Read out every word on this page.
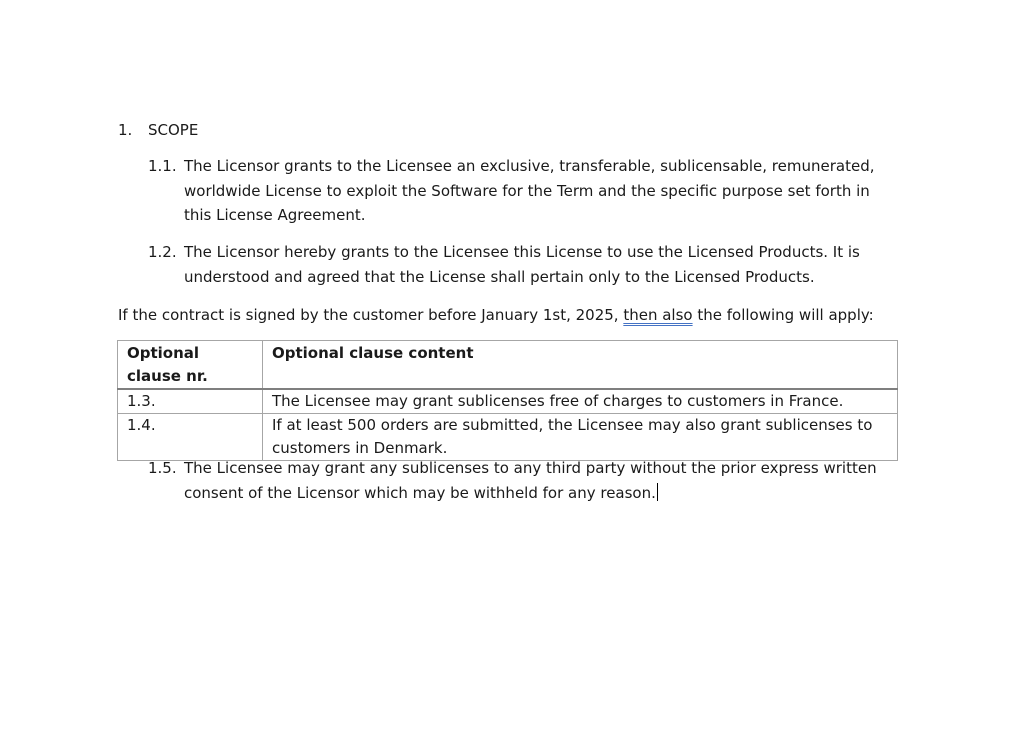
1. SCOPE
1.1. The Licensor grants to the Licensee an exclusive, transferable, sublicensable, remunerated, worldwide License to exploit the Software for the Term and the specific purpose set forth in this License Agreement.
1.2. The Licensor hereby grants to the Licensee this License to use the Licensed Products. It is understood and agreed that the License shall pertain only to the Licensed Products.
If the contract is signed by the customer before January 1st, 2025, then also the following will apply:
Optional clause nr.	Optional clause content
1.3.	The Licensee may grant sublicenses free of charges to customers in France.
1.4.	If at least 500 orders are submitted, the Licensee may also grant sublicenses to customers in Denmark.
1.5. The Licensee may grant any sublicenses to any third party without the prior express written consent of the Licensor which may be withheld for any reason.
